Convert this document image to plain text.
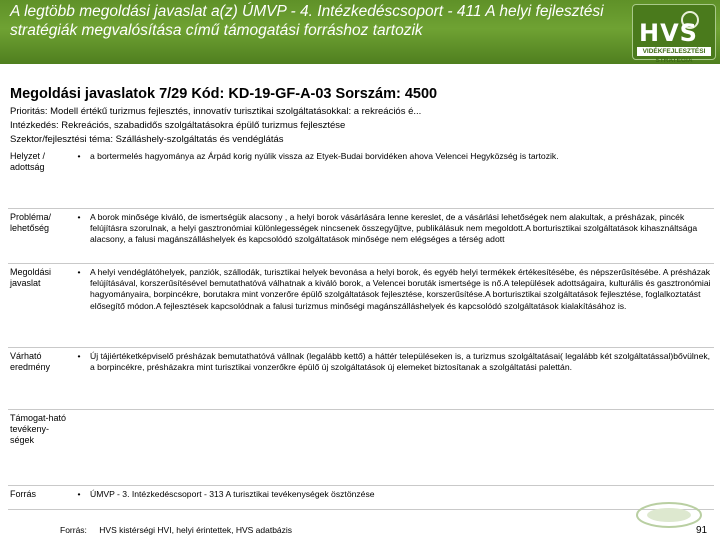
A legtöbb megoldási javaslat a(z) ÚMVP - 4. Intézkedéscsoport - 411 A helyi fejlesztési stratégiák megvalósítása című támogatási forráshoz tartozik	HVS
VIDÉKFEJLESZTÉSI STRATÉGIA
Megoldási javaslatok 7/29 Kód: KD-19-GF-A-03 Sorszám: 4500
Prioritás: Modell értékű turizmus fejlesztés, innovatív turisztikai szolgáltatásokkal: a rekreációs é...
Intézkedés: Rekreációs, szabadidős szolgáltatásokra épülő turizmus fejlesztése
Szektor/fejlesztési téma: Szálláshely-szolgáltatás és vendéglátás
Helyzet / adottság	•	a bortermelés hagyománya az Árpád korig nyúlik vissza az Etyek-Budai borvidéken ahova Velencei Hegyközség is tartozik.
Probléma/ lehetőség	•	A borok minősége kiváló, de ismertségük alacsony , a helyi borok vásárlására lenne kereslet, de a vásárlási lehetőségek nem alakultak, a présházak, pincék felújításra szorulnak, a helyi gasztronómiai különlegességek nincsenek összegyűjtve, publikálásuk nem megoldott.A borturisztikai szolgáltatások kihasználtsága alacsony, a falusi magánszálláshelyek és kapcsolódó szolgáltatások minősége nem elégséges a térség adott
Megoldási javaslat	•	A helyi vendéglátóhelyek, panziók, szállodák, turisztikai helyek bevonása a helyi borok, és egyéb helyi termékek értékesítésébe, és népszerűsítésébe. A présházak felújításával, korszerűsítésével bemutathatóvá válhatnak a kiváló borok, a Velencei boruták ismertsége is nő.A települések adottságaira, kulturális és gasztronómiai hagyományaira, borpincékre, borutakra mint vonzerőre épülő szolgáltatások fejlesztése, korszerűsítése.A borturisztikai szolgáltatások fejlesztése, foglalkoztatást elősegítő módon.A fejlesztések kapcsolódnak a falusi turizmus minőségi magánszálláshelyek és kapcsolódó szolgáltatások kialakításához is.
Várható eredmény	•	Új tájiértéketképviselő présházak bemutathatóvá vállnak (legalább kettő) a háttér településeken is, a turizmus szolgáltatásai( legalább két szolgáltatással)bővülnek, a borpincékre, présházakra mint turisztikai vonzerőkre épülő új szolgáltatások új elemeket biztosítanak a szolgáltatási palettán.
Támogat-ható tevékeny-ségek		
Forrás	•	ÚMVP - 3. Intézkedéscsoport - 313 A turisztikai tevékenységek ösztönzése
Forrás: HVS kistérségi HVI, helyi érintettek, HVS adatbázis	91
